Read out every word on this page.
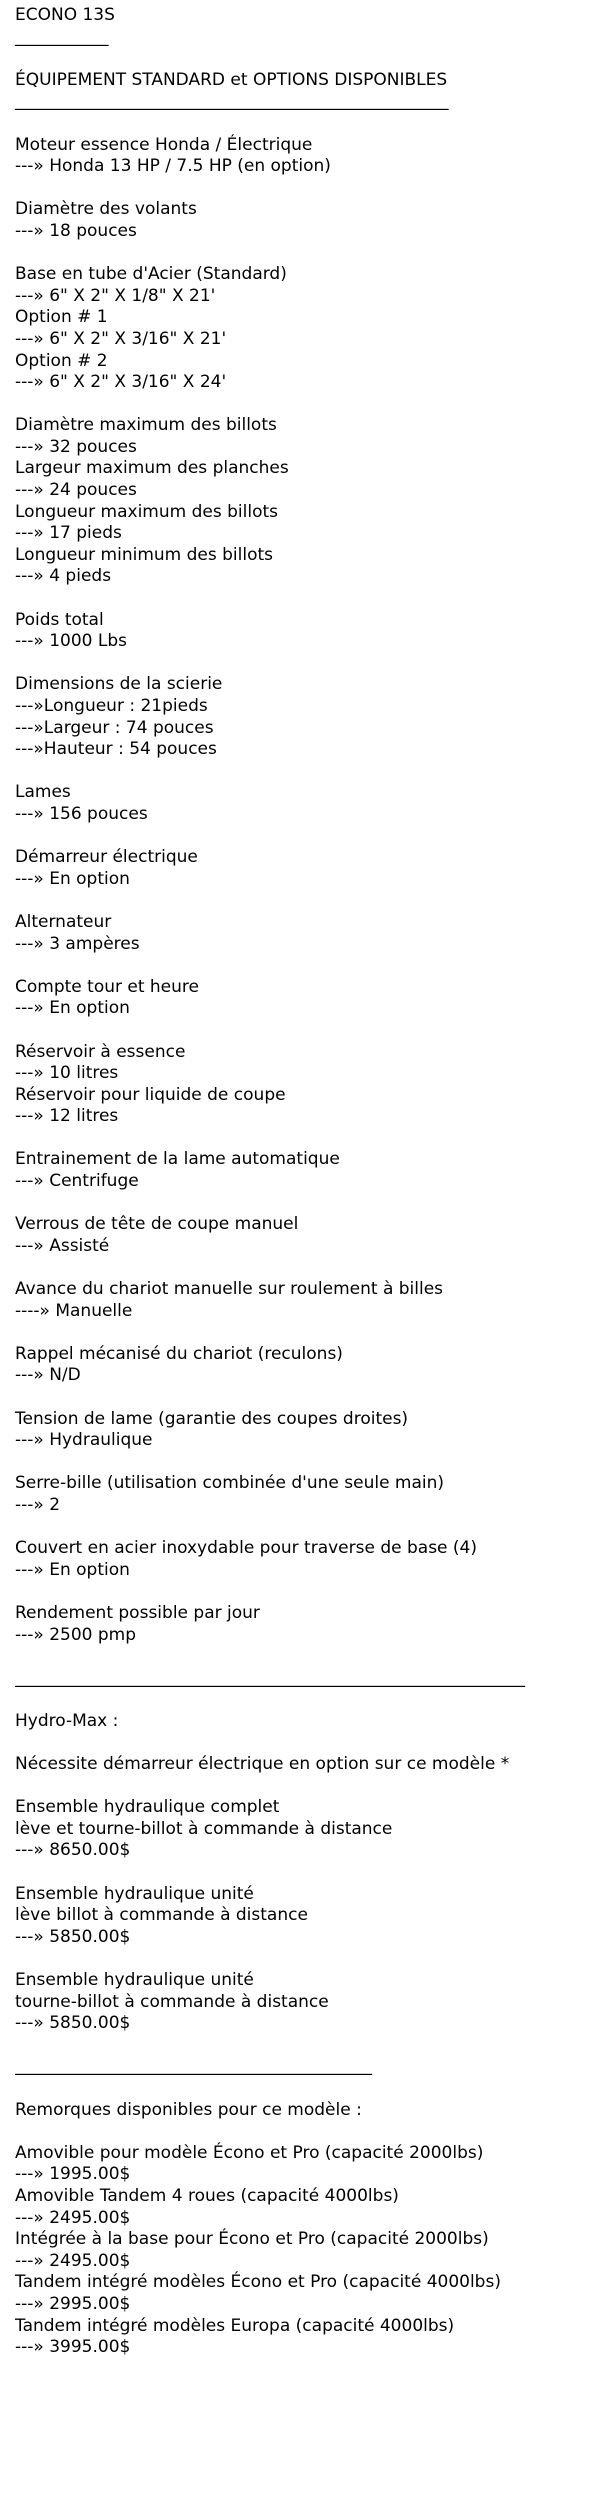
ECONO 13S

___________

ÉQUIPEMENT STANDARD et OPTIONS DISPONIBLES

___________________________________________________

Moteur essence Honda / Électrique

---» Honda 13 HP / 7.5 HP (en option)

Diamètre des volants

---» 18 pouces

Base en tube d'Acier (Standard)

---» 6" X 2" X 1/8" X 21'

Option # 1

---» 6" X 2" X 3/16" X 21'

Option # 2

---» 6" X 2" X 3/16" X 24'

Diamètre maximum des billots

---» 32 pouces

Largeur maximum des planches

---» 24 pouces

Longueur maximum des billots

---» 17 pieds

Longueur minimum des billots

---» 4 pieds

Poids total

---» 1000 Lbs

Dimensions de la scierie

---»Longueur : 21pieds

---»Largeur : 74 pouces

---»Hauteur : 54 pouces

Lames

---» 156 pouces

Démarreur électrique

---» En option

Alternateur

---» 3 ampères

Compte tour et heure

---» En option

Réservoir à essence

---» 10 litres

Réservoir pour liquide de coupe

---» 12 litres

Entrainement de la lame automatique

---» Centrifuge

Verrous de tête de coupe manuel

---» Assisté

Avance du chariot manuelle sur roulement à billes

----» Manuelle

Rappel mécanisé du chariot (reculons)

---» N/D

Tension de lame (garantie des coupes droites)

---» Hydraulique

Serre-bille (utilisation combinée d'une seule main)

---» 2

Couvert en acier inoxydable pour traverse de base (4)

---» En option

Rendement possible par jour

---» 2500 pmp

____________________________________________________________

Hydro-Max :

Nécessite démarreur électrique en option sur ce modèle *

Ensemble hydraulique complet

lève et tourne-billot à commande à distance

---» 8650.00$

Ensemble hydraulique unité

lève billot à commande à distance

---» 5850.00$

Ensemble hydraulique unité

tourne-billot à commande à distance

---» 5850.00$

__________________________________________

Remorques disponibles pour ce modèle :

Amovible pour modèle Écono et Pro (capacité 2000lbs)

---» 1995.00$

Amovible Tandem 4 roues (capacité 4000lbs)

---» 2495.00$

Intégrée à la base pour Écono et Pro (capacité 2000lbs)

---» 2495.00$

Tandem intégré modèles Écono et Pro (capacité 4000lbs)

---» 2995.00$

Tandem intégré modèles Europa (capacité 4000lbs)

---» 3995.00$
